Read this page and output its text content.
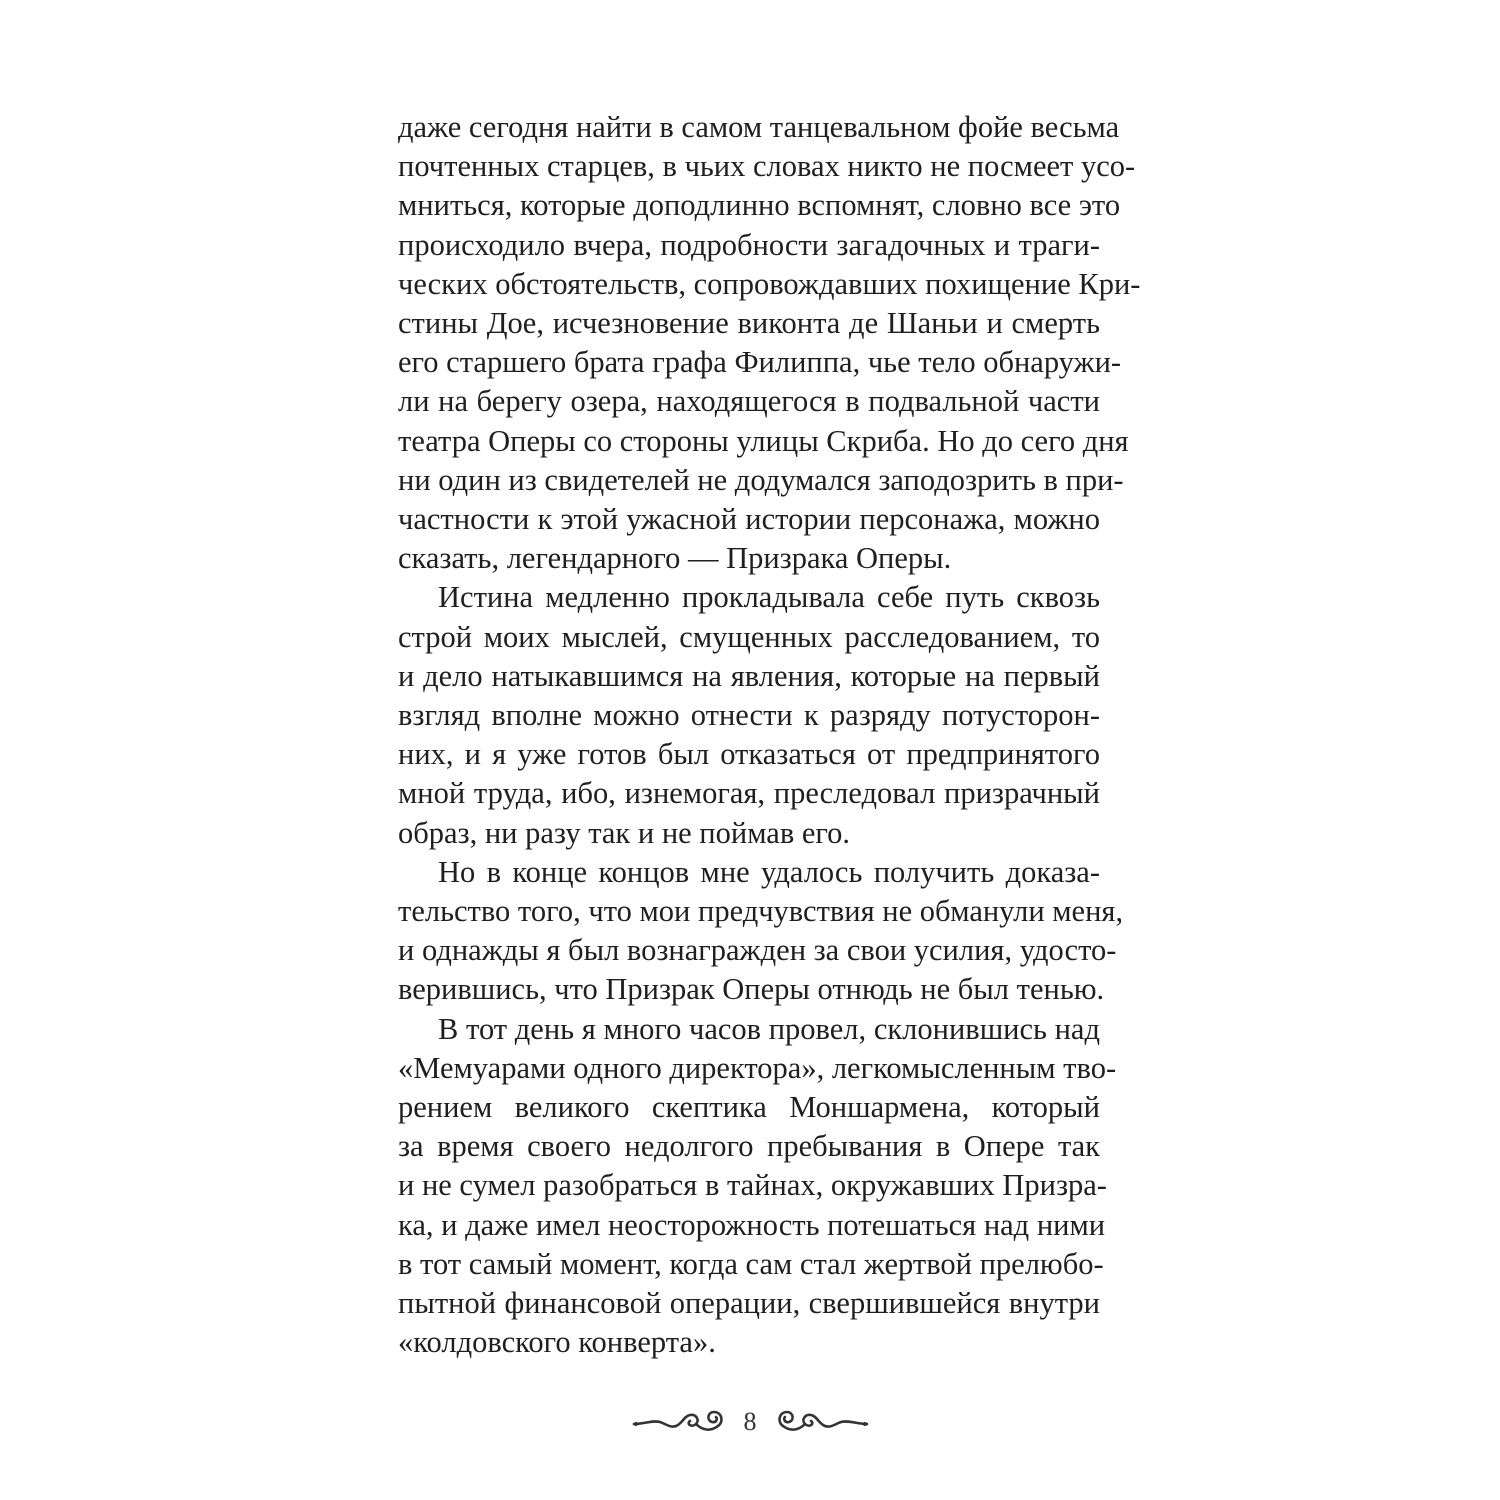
даже сегодня найти в самом танцевальном фойе весьма
почтенных старцев, в чьих словах никто не посмеет усо-
мниться, которые доподлинно вспомнят, словно все это
происходило вчера, подробности загадочных и траги-
ческих обстоятельств, сопровождавших похищение Кри-
стины Доe, исчезновение виконта де Шаньи и смерть
его старшего брата графа Филиппа, чье тело обнаружи-
ли на берегу озера, находящегося в подвальной части
театра Оперы со стороны улицы Скриба. Но до сего дня
ни один из свидетелей не додумался заподозрить в при-
частности к этой ужасной истории персонажа, можно
сказать, легендарного — Призрака Оперы.
Истина медленно прокладывала себе путь сквозь
строй моих мыслей, смущенных расследованием, то
и дело натыкавшимся на явления, которые на первый
взгляд вполне можно отнести к разряду потусторон-
них, и я уже готов был отказаться от предпринятого
мной труда, ибо, изнемогая, преследовал призрачный
образ, ни разу так и не поймав его.
Но в конце концов мне удалось получить доказа-
тельство того, что мои предчувствия не обманули меня,
и однажды я был вознагражден за свои усилия, удосто-
верившись, что Призрак Оперы отнюдь не был тенью.
В тот день я много часов провел, склонившись над
«Мемуарами одного директора», легкомысленным тво-
рением великого скептика Моншармена, который
за время своего недолгого пребывания в Опере так
и не сумел разобраться в тайнах, окружавших Призра-
ка, и даже имел неосторожность потешаться над ними
в тот самый момент, когда сам стал жертвой прелюбо-
пытной финансовой операции, свершившейся внутри
«колдовского конверта».
8
